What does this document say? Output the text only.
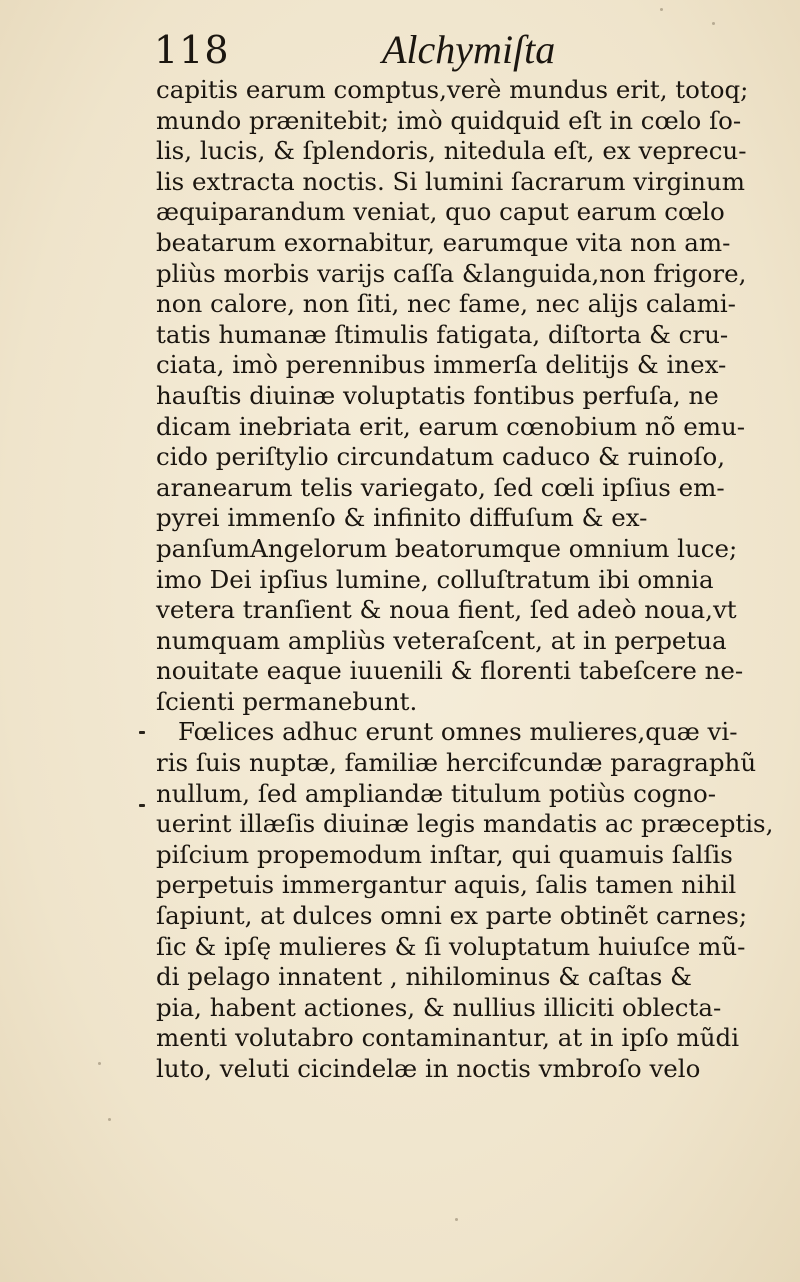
118	Alchymiſta
capitis earum comptus,verè mundus erit, totoq;
mundo prænitebit; imò quidquid eſt in cœlo ſo-
lis, lucis, & ſplendoris, nitedula eſt, ex veprecu-
lis extracta noctis. Si lumini ſacrarum virginum
æquiparandum veniat, quo caput earum cœlo
beatarum exornabitur, earumque vita non am-
pliùs morbis varijs caſſa &languida,non frigore,
non calore, non ſiti, nec fame, nec alijs calami-
tatis humanæ ſtimulis fatigata, diſtorta & cru-
ciata, imò perennibus immerſa delitijs & inex-
hauſtis diuinæ voluptatis fontibus perfuſa, ne
dicam inebriata erit, earum cœnobium nõ emu-
cido periſtylio circundatum caduco & ruinoſo,
aranearum telis variegato, ſed cœli ipſius em-
pyrei immenſo & infinito diffuſum & ex-
panſumAngelorum beatorumque omnium luce;
imo Dei ipſius lumine, colluſtratum ibi omnia
vetera tranſient & noua fient, ſed adeò noua,vt
numquam ampliùs veteraſcent, at in perpetua
nouitate eaque iuuenili & florenti tabeſcere ne-
ſcienti permanebunt.
Fœlices adhuc erunt omnes mulieres,quæ vi-
ris ſuis nuptæ, familiæ hercifcundæ paragraphũ
nullum, ſed ampliandæ titulum potiùs cogno-
uerint illæſis diuinæ legis mandatis ac præceptis,
piſcium propemodum inſtar, qui quamuis ſalſis
perpetuis immergantur aquis, ſalis tamen nihil
ſapiunt, at dulces omni ex parte obtinẽt carnes;
ſic & ipſę mulieres & ſi voluptatum huiuſce mũ-
di pelago innatent , nihilominus & caſtas &
pia, habent actiones, & nullius illiciti oblecta-
menti volutabro contaminantur, at in ipſo mũdi
luto, veluti cicindelæ in noctis vmbroſo velo
